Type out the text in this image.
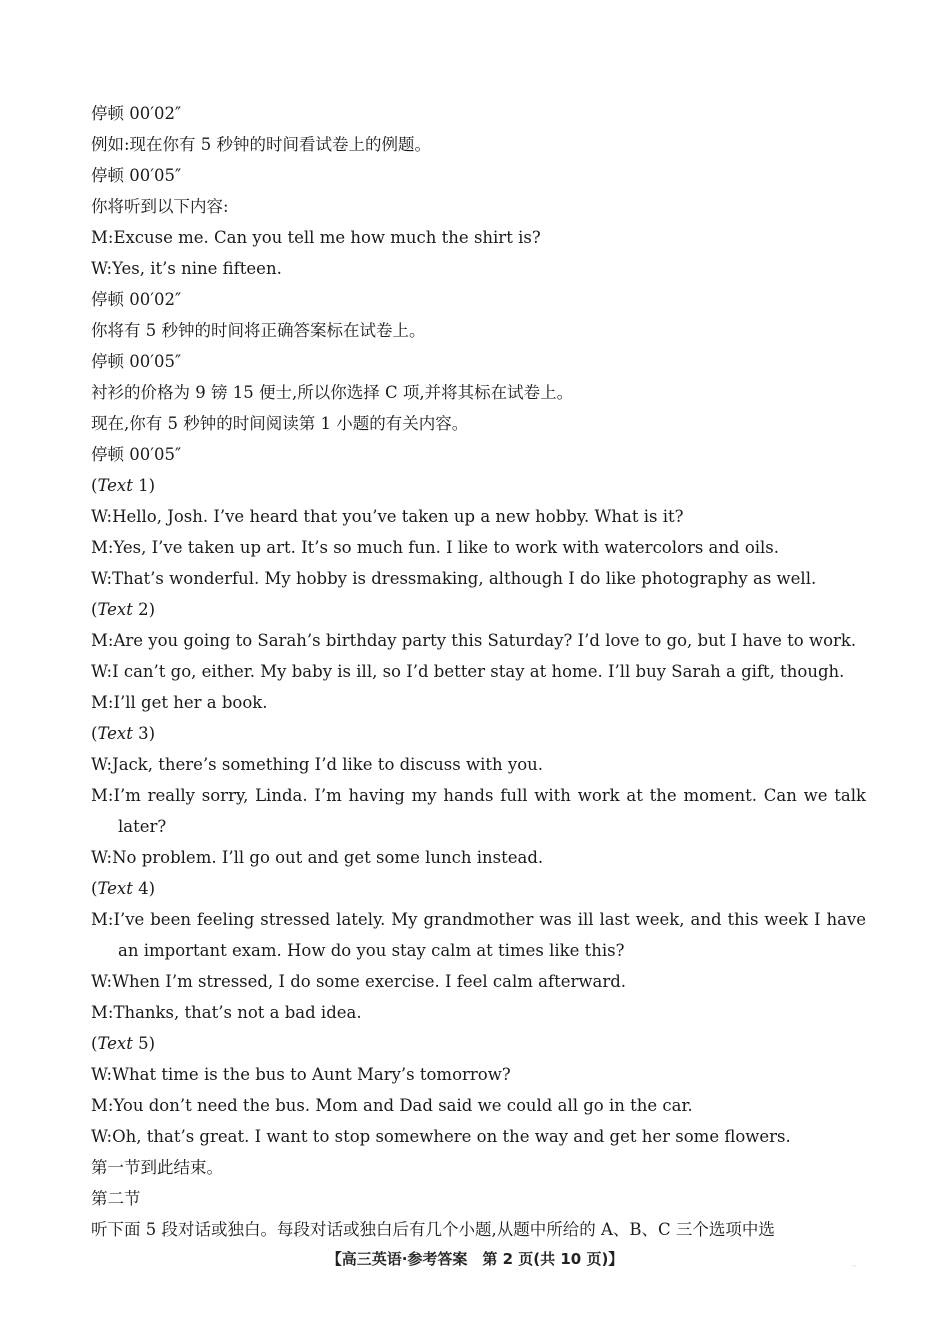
停顿 00′02″
例如:现在你有 5 秒钟的时间看试卷上的例题。
停顿 00′05″
你将听到以下内容:
M:Excuse me. Can you tell me how much the shirt is?
W:Yes, it’s nine fifteen.
停顿 00′02″
你将有 5 秒钟的时间将正确答案标在试卷上。
停顿 00′05″
衬衫的价格为 9 镑 15 便士,所以你选择 C 项,并将其标在试卷上。
现在,你有 5 秒钟的时间阅读第 1 小题的有关内容。
停顿 00′05″
(Text 1)
W:Hello, Josh. I’ve heard that you’ve taken up a new hobby. What is it?
M:Yes, I’ve taken up art. It’s so much fun. I like to work with watercolors and oils.
W:That’s wonderful. My hobby is dressmaking, although I do like photography as well.
(Text 2)
M:Are you going to Sarah’s birthday party this Saturday? I’d love to go, but I have to work.
W:I can’t go, either. My baby is ill, so I’d better stay at home. I’ll buy Sarah a gift, though.
M:I’ll get her a book.
(Text 3)
W:Jack, there’s something I’d like to discuss with you.
M:I’m really sorry, Linda. I’m having my hands full with work at the moment. Can we talk later?
W:No problem. I’ll go out and get some lunch instead.
(Text 4)
M:I’ve been feeling stressed lately. My grandmother was ill last week, and this week I have an important exam. How do you stay calm at times like this?
W:When I’m stressed, I do some exercise. I feel calm afterward.
M:Thanks, that’s not a bad idea.
(Text 5)
W:What time is the bus to Aunt Mary’s tomorrow?
M:You don’t need the bus. Mom and Dad said we could all go in the car.
W:Oh, that’s great. I want to stop somewhere on the way and get her some flowers.
第一节到此结束。
第二节
听下面 5 段对话或独白。每段对话或独白后有几个小题,从题中所给的 A、B、C 三个选项中选
【高三英语·参考答案　第 2 页(共 10 页)】	··
